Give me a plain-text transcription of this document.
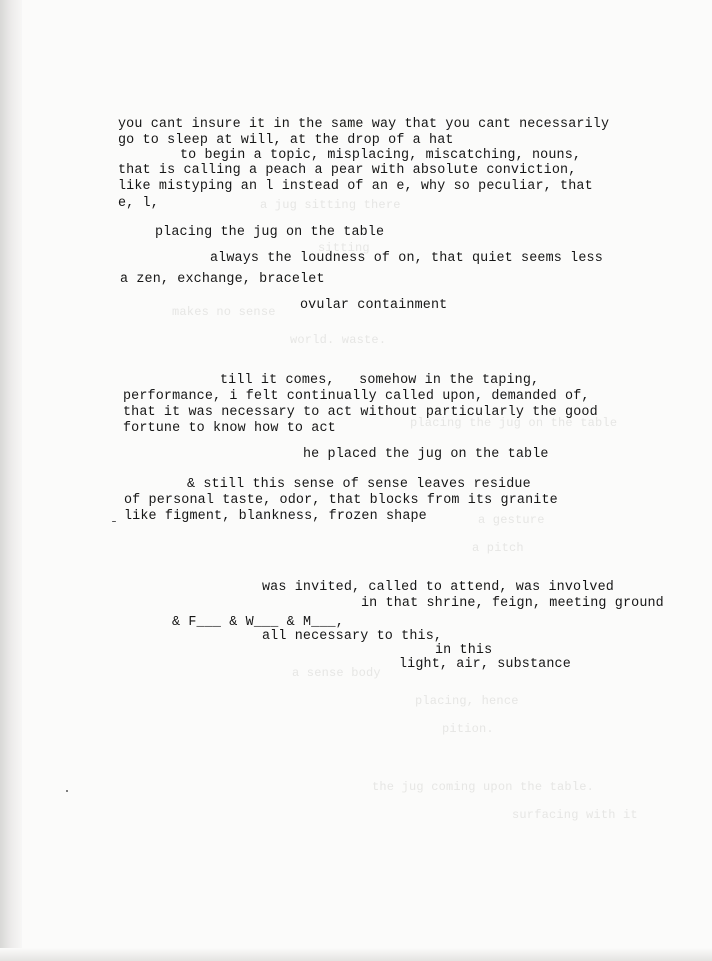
a jug sitting there
sitting
makes no sense
world. waste.
placing the jug on the table
a gesture
a pitch
a sense body
placing, hence
pition.
the jug coming upon the table.
surfacing with it
you cant insure it in the same way that you cant necessarily
go to sleep at will, at the drop of a hat
to begin a topic, misplacing, miscatching, nouns,
that is calling a peach a pear with absolute conviction,
like mistyping an l instead of an e, why so peculiar, that
e, l,
placing the jug on the table
always the loudness of on, that quiet seems less
a zen, exchange, bracelet
ovular containment
till it comes,   somehow in the taping,
performance, i felt continually called upon, demanded of,
that it was necessary to act without particularly the good
fortune to know how to act
he placed the jug on the table
& still this sense of sense leaves residue
of personal taste, odor, that blocks from its granite
like figment, blankness, frozen shape
was invited, called to attend, was involved
in that shrine, feign, meeting ground
& F___ & W___ & M___,
all necessary to this,
in this
light, air, substance
